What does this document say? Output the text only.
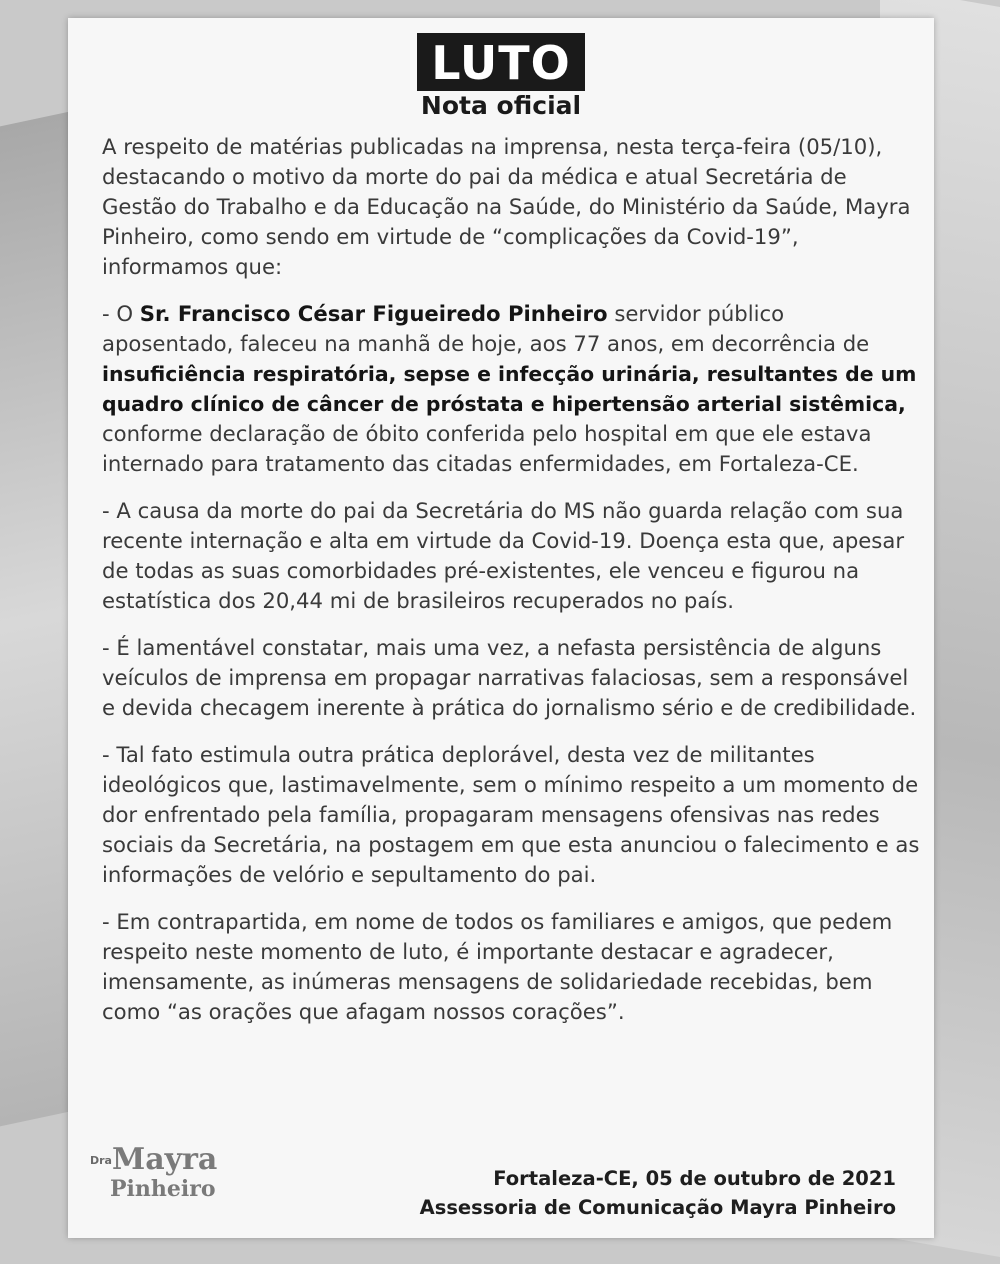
LUTO
Nota oficial

A respeito de matérias publicadas na imprensa, nesta terça-feira (05/10), destacando o motivo da morte do pai da médica e atual Secretária de Gestão do Trabalho e da Educação na Saúde, do Ministério da Saúde, Mayra Pinheiro, como sendo em virtude de “complicações da Covid-19”, informamos que:

- O Sr. Francisco César Figueiredo Pinheiro servidor público aposentado, faleceu na manhã de hoje, aos 77 anos, em decorrência de insuficiência respiratória, sepse e infecção urinária, resultantes de um quadro clínico de câncer de próstata e hipertensão arterial sistêmica, conforme declaração de óbito conferida pelo hospital em que ele estava internado para tratamento das citadas enfermidades, em Fortaleza-CE.

- A causa da morte do pai da Secretária do MS não guarda relação com sua recente internação e alta em virtude da Covid-19. Doença esta que, apesar de todas as suas comorbidades pré-existentes, ele venceu e figurou na estatística dos 20,44 mi de brasileiros recuperados no país.

- É lamentável constatar, mais uma vez, a nefasta persistência de alguns veículos de imprensa em propagar narrativas falaciosas, sem a responsável e devida checagem inerente à prática do jornalismo sério e de credibilidade.

- Tal fato estimula outra prática deplorável, desta vez de militantes ideológicos que, lastimavelmente, sem o mínimo respeito a um momento de dor enfrentado pela família, propagaram mensagens ofensivas nas redes sociais da Secretária, na postagem em que esta anunciou o falecimento e as informações de velório e sepultamento do pai.

- Em contrapartida, em nome de todos os familiares e amigos, que pedem respeito neste momento de luto, é importante destacar e agradecer, imensamente, as inúmeras mensagens de solidariedade recebidas, bem como “as orações que afagam nossos corações”.

Dra Mayra
Pinheiro	Fortaleza-CE, 05 de outubro de 2021
Assessoria de Comunicação Mayra Pinheiro
